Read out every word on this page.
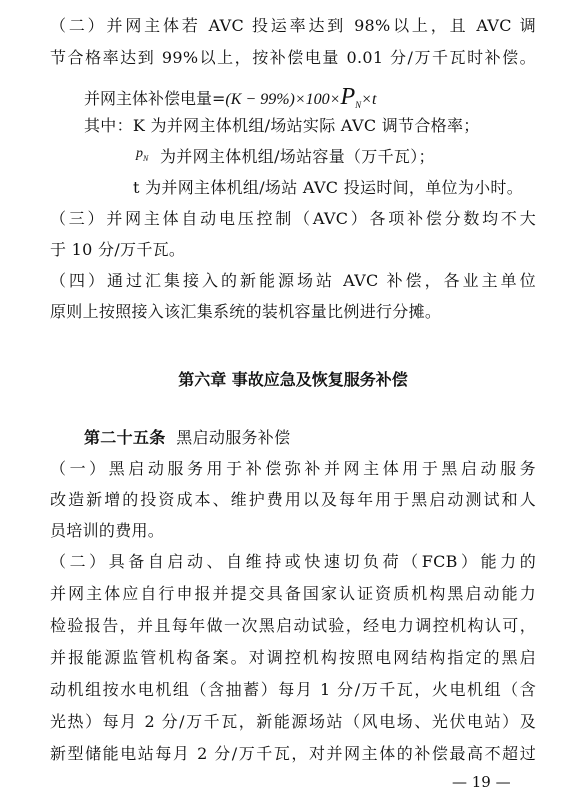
（二）并网主体若 AVC 投运率达到 98%以上，且 AVC 调
节合格率达到 99%以上，按补偿电量 0.01 分/万千瓦时补偿。
并网主体补偿电量$=(K - 99\%)\times 100\times P_N\times t$
其中：K 为并网主体机组/场站实际 AVC 调节合格率；
$p_N$ 为并网主体机组/场站容量（万千瓦）；
t 为并网主体机组/场站 AVC 投运时间，单位为小时。
（三）并网主体自动电压控制（AVC）各项补偿分数均不大
于 10 分/万千瓦。
（四）通过汇集接入的新能源场站 AVC 补偿，各业主单位
原则上按照接入该汇集系统的装机容量比例进行分摊。
第六章 事故应急及恢复服务补偿
第二十五条 黑启动服务补偿
（一）黑启动服务用于补偿弥补并网主体用于黑启动服务
改造新增的投资成本、维护费用以及每年用于黑启动测试和人
员培训的费用。
（二）具备自启动、自维持或快速切负荷（FCB）能力的
并网主体应自行申报并提交具备国家认证资质机构黑启动能力
检验报告，并且每年做一次黑启动试验，经电力调控机构认可，
并报能源监管机构备案。对调控机构按照电网结构指定的黑启
动机组按水电机组（含抽蓄）每月 1 分/万千瓦，火电机组（含
光热）每月 2 分/万千瓦，新能源场站（风电场、光伏电站）及
新型储能电站每月 2 分/万千瓦，对并网主体的补偿最高不超过
— 19 —
